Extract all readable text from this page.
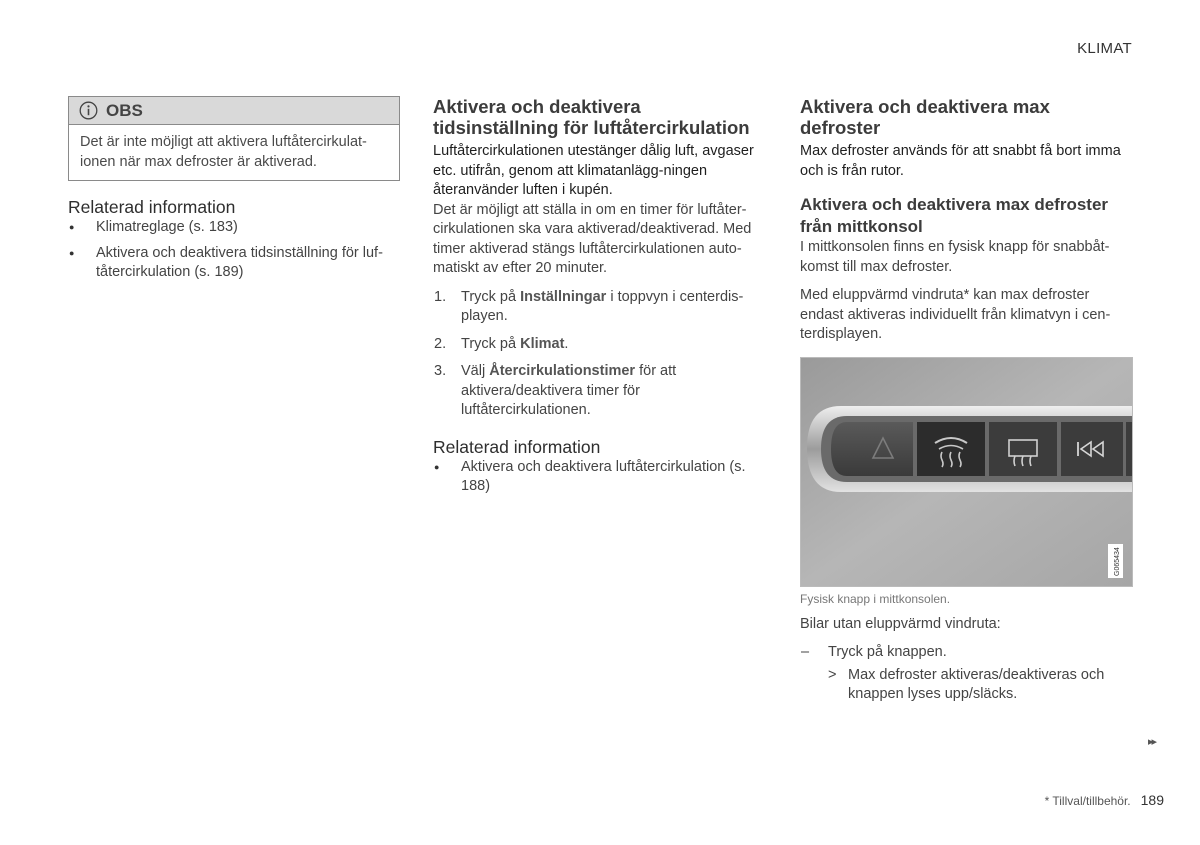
KLIMAT
OBS
Det är inte möjligt att aktivera luftåtercirkulat-ionen när max defroster är aktiverad.
Relaterad information
● Klimatreglage (s. 183)
● Aktivera och deaktivera tidsinställning för luf-tåtercirkulation (s. 189)
Aktivera och deaktivera tidsinställning för luftåtercirkulation

Luftåtercirkulationen utestänger dålig luft, avgaser etc. utifrån, genom att klimatanlägg-ningen återanvänder luften i kupén.

Det är möjligt att ställa in om en timer för luftåter-cirkulationen ska vara aktiverad/deaktiverad. Med timer aktiverad stängs luftåtercirkulationen auto-matiskt av efter 20 minuter.

1. Tryck på Inställningar i toppvyn i centerdis-playen.
2. Tryck på Klimat.
3. Välj Återcirkulationstimer för att aktivera/deaktivera timer för luftåtercirkulationen.
Relaterad information
● Aktivera och deaktivera luftåtercirkulation (s. 188)
Aktivera och deaktivera max defroster

Max defroster används för att snabbt få bort imma och is från rutor.

Aktivera och deaktivera max defroster från mittkonsol

I mittkonsolen finns en fysisk knapp för snabbåt-komst till max defroster.

Med eluppvärmd vindruta* kan max defroster endast aktiveras individuellt från klimatvyn i cen-terdisplayen.

G065434
Fysisk knapp i mittkonsolen.

Bilar utan eluppvärmd vindruta:

– Tryck på knappen.
> Max defroster aktiveras/deaktiveras och knappen lyses upp/släcks.
▸▸
* Tillval/tillbehör. 189
